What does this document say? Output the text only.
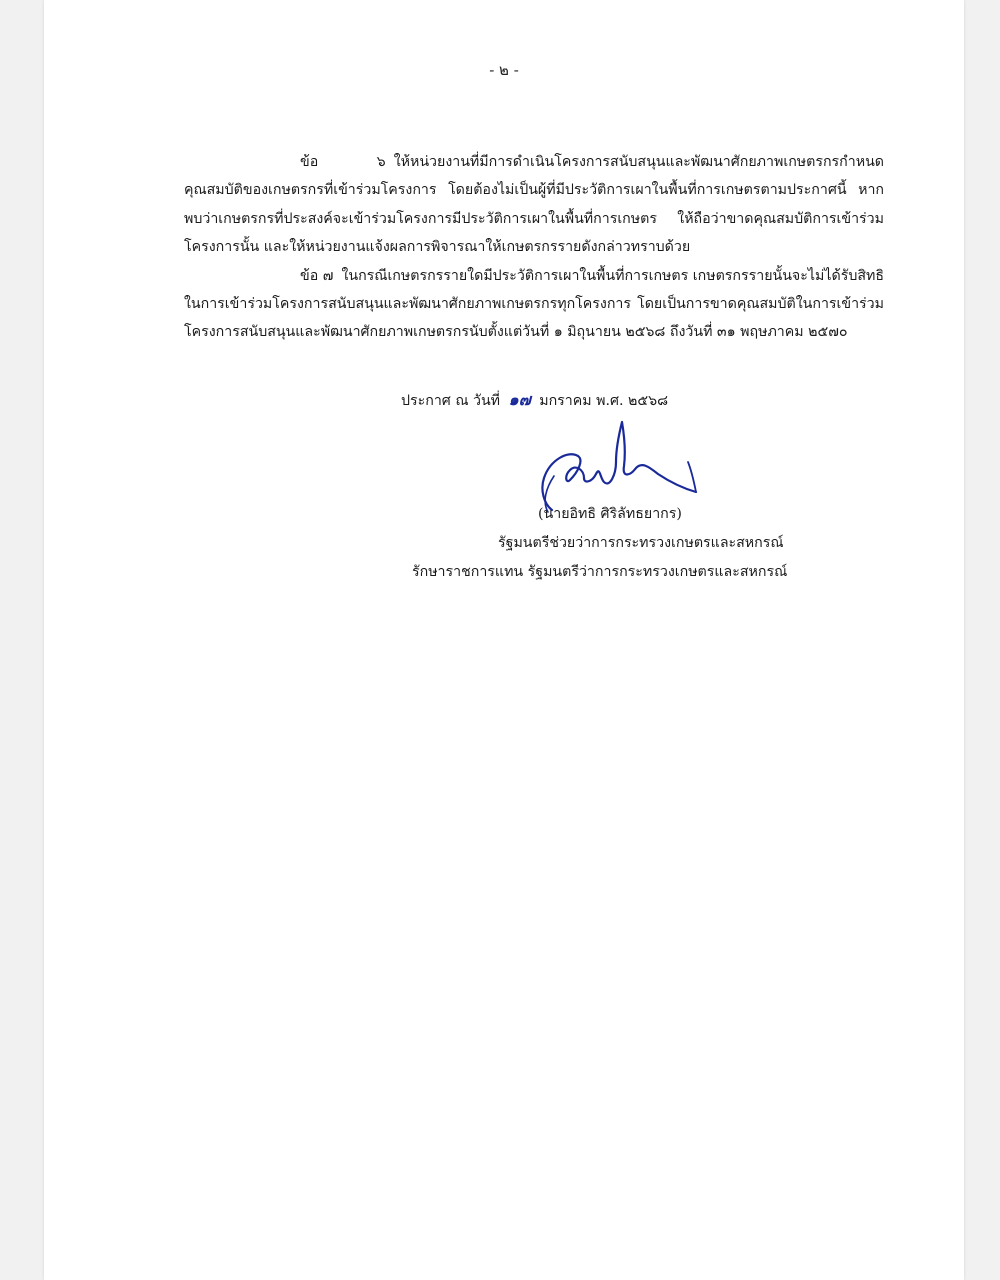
- ๒ -

ข้อ ๖ ให้หน่วยงานที่มีการดำเนินโครงการสนับสนุนและพัฒนาศักยภาพเกษตรกรกำหนดคุณสมบัติของเกษตรกรที่เข้าร่วมโครงการ โดยต้องไม่เป็นผู้ที่มีประวัติการเผาในพื้นที่การเกษตรตามประกาศนี้ หากพบว่าเกษตรกรที่ประสงค์จะเข้าร่วมโครงการมีประวัติการเผาในพื้นที่การเกษตร ให้ถือว่าขาดคุณสมบัติการเข้าร่วมโครงการนั้น และให้หน่วยงานแจ้งผลการพิจารณาให้เกษตรกรรายดังกล่าวทราบด้วย

ข้อ ๗ ในกรณีเกษตรกรรายใดมีประวัติการเผาในพื้นที่การเกษตร เกษตรกรรายนั้นจะไม่ได้รับสิทธิในการเข้าร่วมโครงการสนับสนุนและพัฒนาศักยภาพเกษตรกรทุกโครงการ โดยเป็นการขาดคุณสมบัติในการเข้าร่วมโครงการสนับสนุนและพัฒนาศักยภาพเกษตรกรนับตั้งแต่วันที่ ๑ มิถุนายน ๒๕๖๘ ถึงวันที่ ๓๑ พฤษภาคม ๒๕๗๐

ประกาศ ณ วันที่ ๑๗ มกราคม พ.ศ. ๒๕๖๘
(นายอิทธิ ศิริลัทธยากร)
รัฐมนตรีช่วยว่าการกระทรวงเกษตรและสหกรณ์
รักษาราชการแทน รัฐมนตรีว่าการกระทรวงเกษตรและสหกรณ์
